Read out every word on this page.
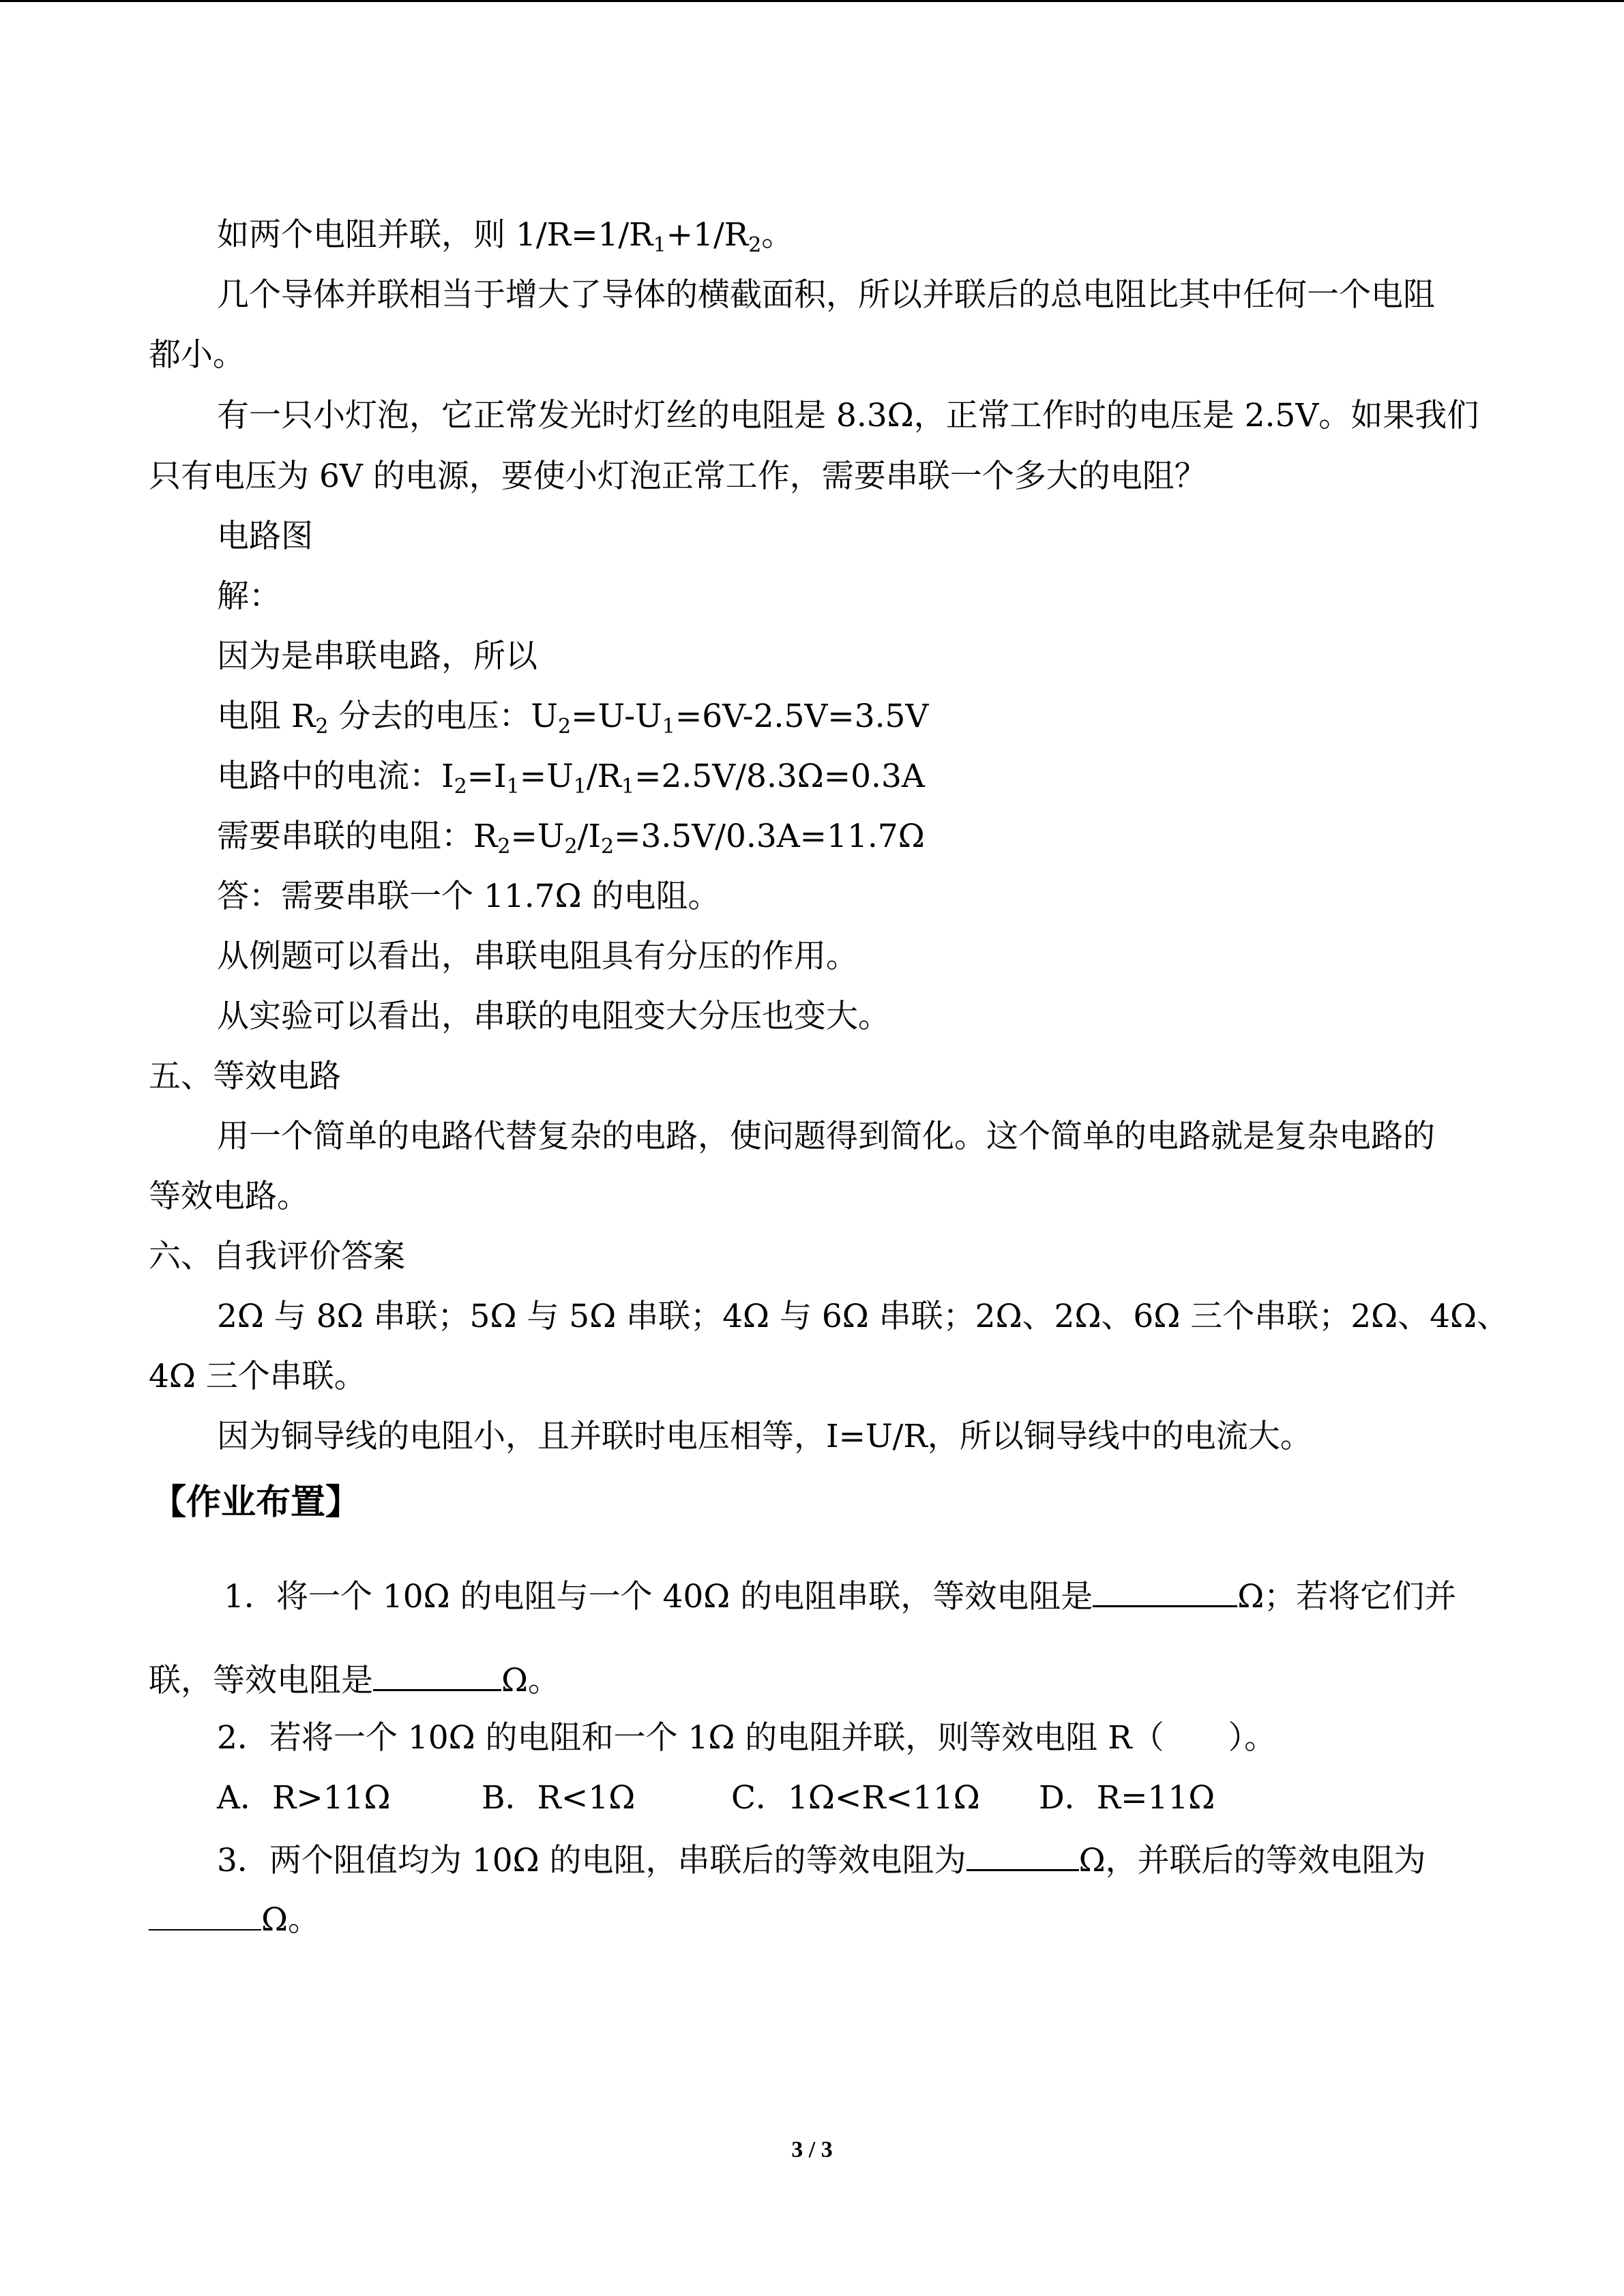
如两个电阻并联，则 $1/R=1/R_1+1/R_2$。
几个导体并联相当于增大了导体的横截面积，所以并联后的总电阻比其中任何一个电阻
都小。
有一只小灯泡，它正常发光时灯丝的电阻是 8.3Ω，正常工作时的电压是 2.5V。如果我们
只有电压为 6V 的电源，要使小灯泡正常工作，需要串联一个多大的电阻？
电路图
解：
因为是串联电路，所以
电阻 $R_2$ 分去的电压：$U_2=U-U_1=6V-2.5V=3.5V$
电路中的电流：$I_2=I_1=U_1/R_1=2.5V/8.3\Omega=0.3A$
需要串联的电阻：$R_2=U_2/I_2=3.5V/0.3A=11.7\Omega$
答：需要串联一个 11.7Ω 的电阻。
从例题可以看出，串联电阻具有分压的作用。
从实验可以看出，串联的电阻变大分压也变大。
五、等效电路
用一个简单的电路代替复杂的电路，使问题得到简化。这个简单的电路就是复杂电路的
等效电路。
六、自我评价答案
2Ω 与 8Ω 串联；5Ω 与 5Ω 串联；4Ω 与 6Ω 串联；2Ω、2Ω、6Ω 三个串联；2Ω、4Ω、
4Ω 三个串联。
因为铜导线的电阻小，且并联时电压相等，I=U/R，所以铜导线中的电流大。
【作业布置】
1．将一个 10Ω 的电阻与一个 40Ω 的电阻串联，等效电阻是	Ω；若将它们并
联，等效电阻是	Ω。
2．若将一个 10Ω 的电阻和一个 1Ω 的电阻并联，则等效电阻 R（　　）。
A．R>11Ω	B．R<1Ω	C．1Ω<R<11Ω D．R=11Ω
3．两个阻值均为 10Ω 的电阻，串联后的等效电阻为	Ω，并联后的等效电阻为
Ω。
3 / 3
